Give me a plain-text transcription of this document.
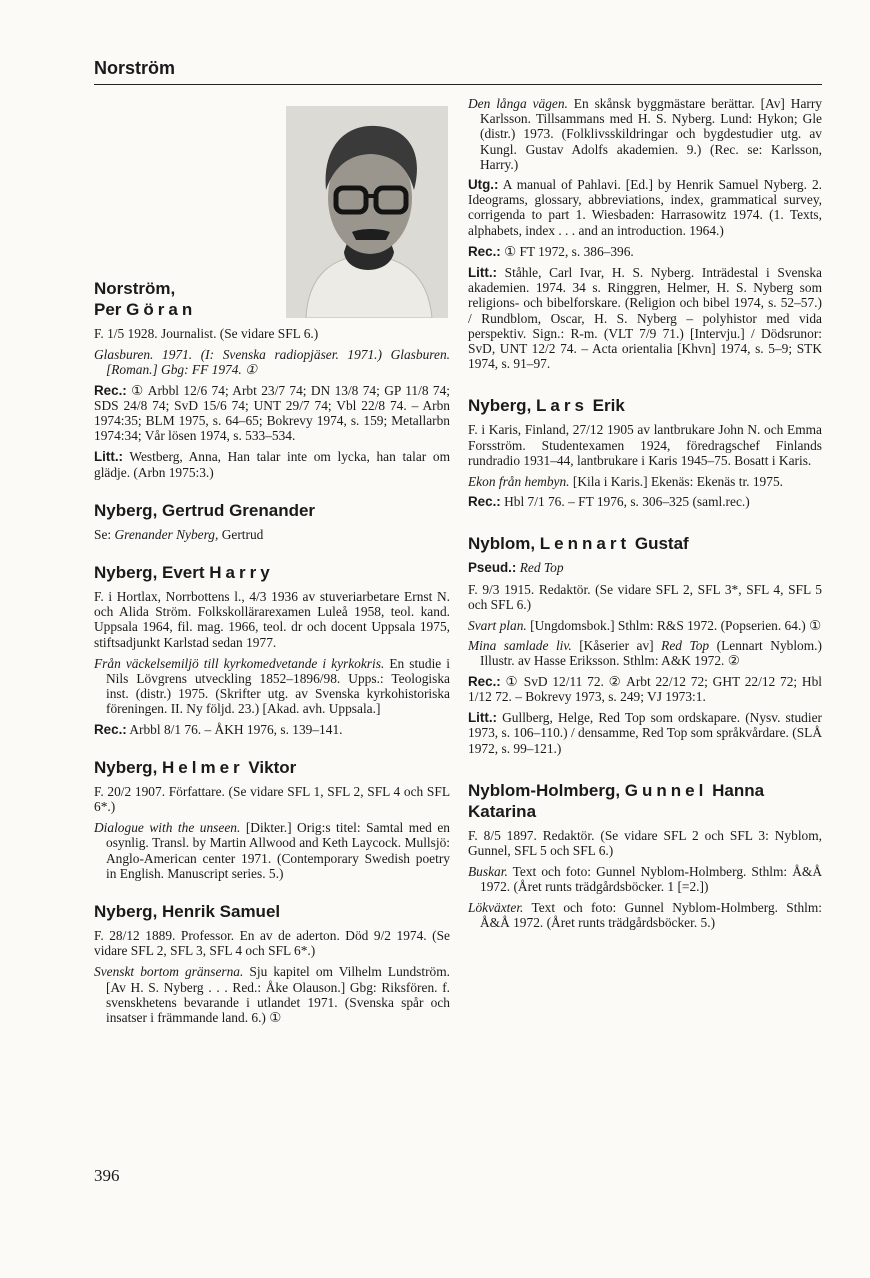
Norström
Norström,
Per Göran

F. 1/5 1928. Journalist. (Se vidare SFL 6.)

Glasburen. 1971. (I: Svenska radiopjäser. 1971.) Glasburen. [Roman.] Gbg: FF 1974. ①

Rec.: ① Arbbl 12/6 74; Arbt 23/7 74; DN 13/8 74; GP 11/8 74; SDS 24/8 74; SvD 15/6 74; UNT 29/7 74; Vbl 22/8 74. – Arbn 1974:35; BLM 1975, s. 64–65; Bokrevy 1974, s. 159; Metallarbn 1974:34; Vår lösen 1974, s. 533–534.

Litt.: Westberg, Anna, Han talar inte om lycka, han talar om glädje. (Arbn 1975:3.)

Nyberg, Gertrud Grenander

Se: Grenander Nyberg, Gertrud

Nyberg, Evert Harry

F. i Hortlax, Norrbottens l., 4/3 1936 av stuveriarbetare Ernst N. och Alida Ström. Folkskollärarexamen Luleå 1958, teol. kand. Uppsala 1964, fil. mag. 1966, teol. dr och docent Uppsala 1975, stiftsadjunkt Karlstad sedan 1977.

Från väckelsemiljö till kyrkomedvetande i kyrkokris. En studie i Nils Lövgrens utveckling 1852–1896/98. Upps.: Teologiska inst. (distr.) 1975. (Skrifter utg. av Svenska kyrkohistoriska föreningen. II. Ny följd. 23.) [Akad. avh. Uppsala.]

Rec.: Arbbl 8/1 76. – ÅKH 1976, s. 139–141.

Nyberg, Helmer Viktor

F. 20/2 1907. Författare. (Se vidare SFL 1, SFL 2, SFL 4 och SFL 6*.)

Dialogue with the unseen. [Dikter.] Orig:s titel: Samtal med en osynlig. Transl. by Martin Allwood and Keth Laycock. Mullsjö: Anglo-American center 1971. (Contemporary Swedish poetry in English. Manuscript series. 5.)

Nyberg, Henrik Samuel

F. 28/12 1889. Professor. En av de aderton. Död 9/2 1974. (Se vidare SFL 2, SFL 3, SFL 4 och SFL 6*.)

Svenskt bortom gränserna. Sju kapitel om Vilhelm Lundström. [Av H. S. Nyberg . . . Red.: Åke Olauson.] Gbg: Riksfören. f. svenskhetens bevarande i utlandet 1971. (Svenska spår och insatser i främmande land. 6.) ①

Den långa vägen. En skånsk byggmästare berättar. [Av] Harry Karlsson. Tillsammans med H. S. Nyberg. Lund: Hykon; Gle (distr.) 1973. (Folklivsskildringar och bygdestudier utg. av Kungl. Gustav Adolfs akademien. 9.) (Rec. se: Karlsson, Harry.)

Utg.: A manual of Pahlavi. [Ed.] by Henrik Samuel Nyberg. 2. Ideograms, glossary, abbreviations, index, grammatical survey, corrigenda to part 1. Wiesbaden: Harrasowitz 1974. (1. Texts, alphabets, index . . . and an introduction. 1964.)

Rec.: ① FT 1972, s. 386–396.

Litt.: Ståhle, Carl Ivar, H. S. Nyberg. Inträdestal i Svenska akademien. 1974. 34 s. Ringgren, Helmer, H. S. Nyberg som religions- och bibelforskare. (Religion och bibel 1974, s. 52–57.) / Rundblom, Oscar, H. S. Nyberg – polyhistor med vida perspektiv. Sign.: R-m. (VLT 7/9 71.) [Intervju.] / Dödsrunor: SvD, UNT 12/2 74. – Acta orientalia [Khvn] 1974, s. 5–9; STK 1974, s. 91–97.

Nyberg, Lars Erik

F. i Karis, Finland, 27/12 1905 av lantbrukare John N. och Emma Forsström. Studentexamen 1924, föredragschef Finlands rundradio 1931–44, lantbrukare i Karis 1945–75. Bosatt i Karis.

Ekon från hembyn. [Kila i Karis.] Ekenäs: Ekenäs tr. 1975.

Rec.: Hbl 7/1 76. – FT 1976, s. 306–325 (saml.rec.)

Nyblom, Lennart Gustaf

Pseud.: Red Top

F. 9/3 1915. Redaktör. (Se vidare SFL 2, SFL 3*, SFL 4, SFL 5 och SFL 6.)

Svart plan. [Ungdomsbok.] Sthlm: R&S 1972. (Popserien. 64.) ①

Mina samlade liv. [Kåserier av] Red Top (Lennart Nyblom.) Illustr. av Hasse Eriksson. Sthlm: A&K 1972. ②

Rec.: ① SvD 12/11 72. ② Arbt 22/12 72; GHT 22/12 72; Hbl 1/12 72. – Bokrevy 1973, s. 249; VJ 1973:1.

Litt.: Gullberg, Helge, Red Top som ordskapare. (Nysv. studier 1973, s. 106–110.) / densamme, Red Top som språkvårdare. (SLÅ 1972, s. 99–121.)

Nyblom-Holmberg, Gunnel Hanna Katarina

F. 8/5 1897. Redaktör. (Se vidare SFL 2 och SFL 3: Nyblom, Gunnel, SFL 5 och SFL 6.)

Buskar. Text och foto: Gunnel Nyblom-Holmberg. Sthlm: Å&Å 1972. (Året runts trädgårdsböcker. 1 [=2.])

Lökväxter. Text och foto: Gunnel Nyblom-Holmberg. Sthlm: Å&Å 1972. (Året runts trädgårdsböcker. 5.)

396
